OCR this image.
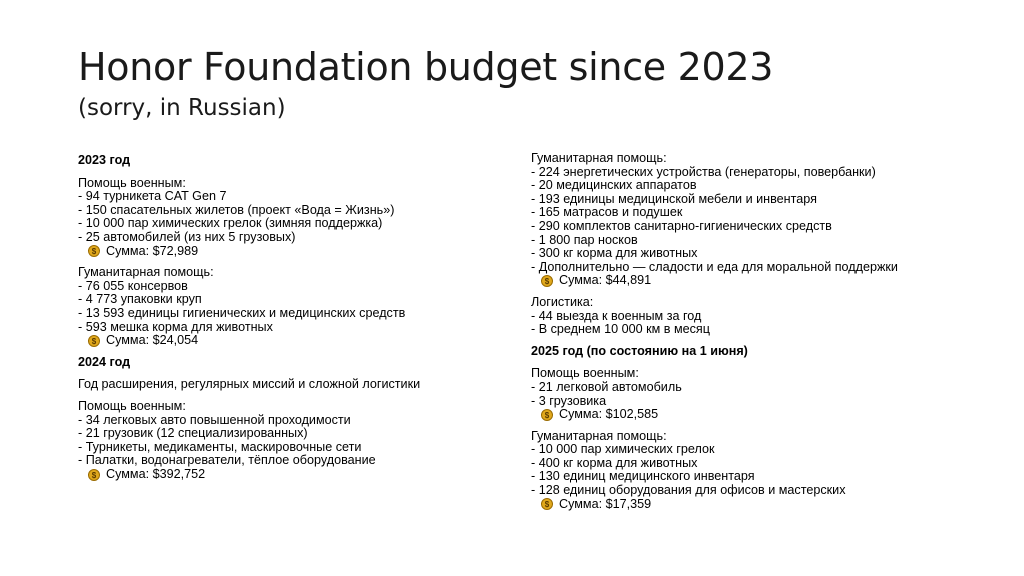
Honor Foundation budget since 2023
(sorry, in Russian)
2023 год
Помощь военным:
- 94 турникета CAT Gen 7
- 150 спасательных жилетов (проект «Вода = Жизнь»)
- 10 000 пар химических грелок (зимняя поддержка)
- 25 автомобилей (из них 5 грузовых)
$
Сумма: $72,989
Гуманитарная помощь:
- 76 055 консервов
- 4 773 упаковки круп
- 13 593 единицы гигиенических и медицинских средств
- 593 мешка корма для животных
$
Сумма: $24,054
2024 год
Год расширения, регулярных миссий и сложной логистики
Помощь военным:
- 34 легковых авто повышенной проходимости
- 21 грузовик (12 специализированных)
- Турникеты, медикаменты, маскировочные сети
- Палатки, водонагреватели, тёплое оборудование
$
Сумма: $392,752
Гуманитарная помощь:
- 224 энергетических устройства (генераторы, повербанки)
- 20 медицинских аппаратов
- 193 единицы медицинской мебели и инвентаря
- 165 матрасов и подушек
- 290 комплектов санитарно-гигиенических средств
- 1 800 пар носков
- 300 кг корма для животных
- Дополнительно — сладости и еда для моральной поддержки
$
Сумма: $44,891
Логистика:
- 44 выезда к военным за год
- В среднем 10 000 км в месяц
2025 год (по состоянию на 1 июня)
Помощь военным:
- 21 легковой автомобиль
- 3 грузовика
$
Сумма: $102,585
Гуманитарная помощь:
- 10 000 пар химических грелок
- 400 кг корма для животных
- 130 единиц медицинского инвентаря
- 128 единиц оборудования для офисов и мастерских
$
Сумма: $17,359
